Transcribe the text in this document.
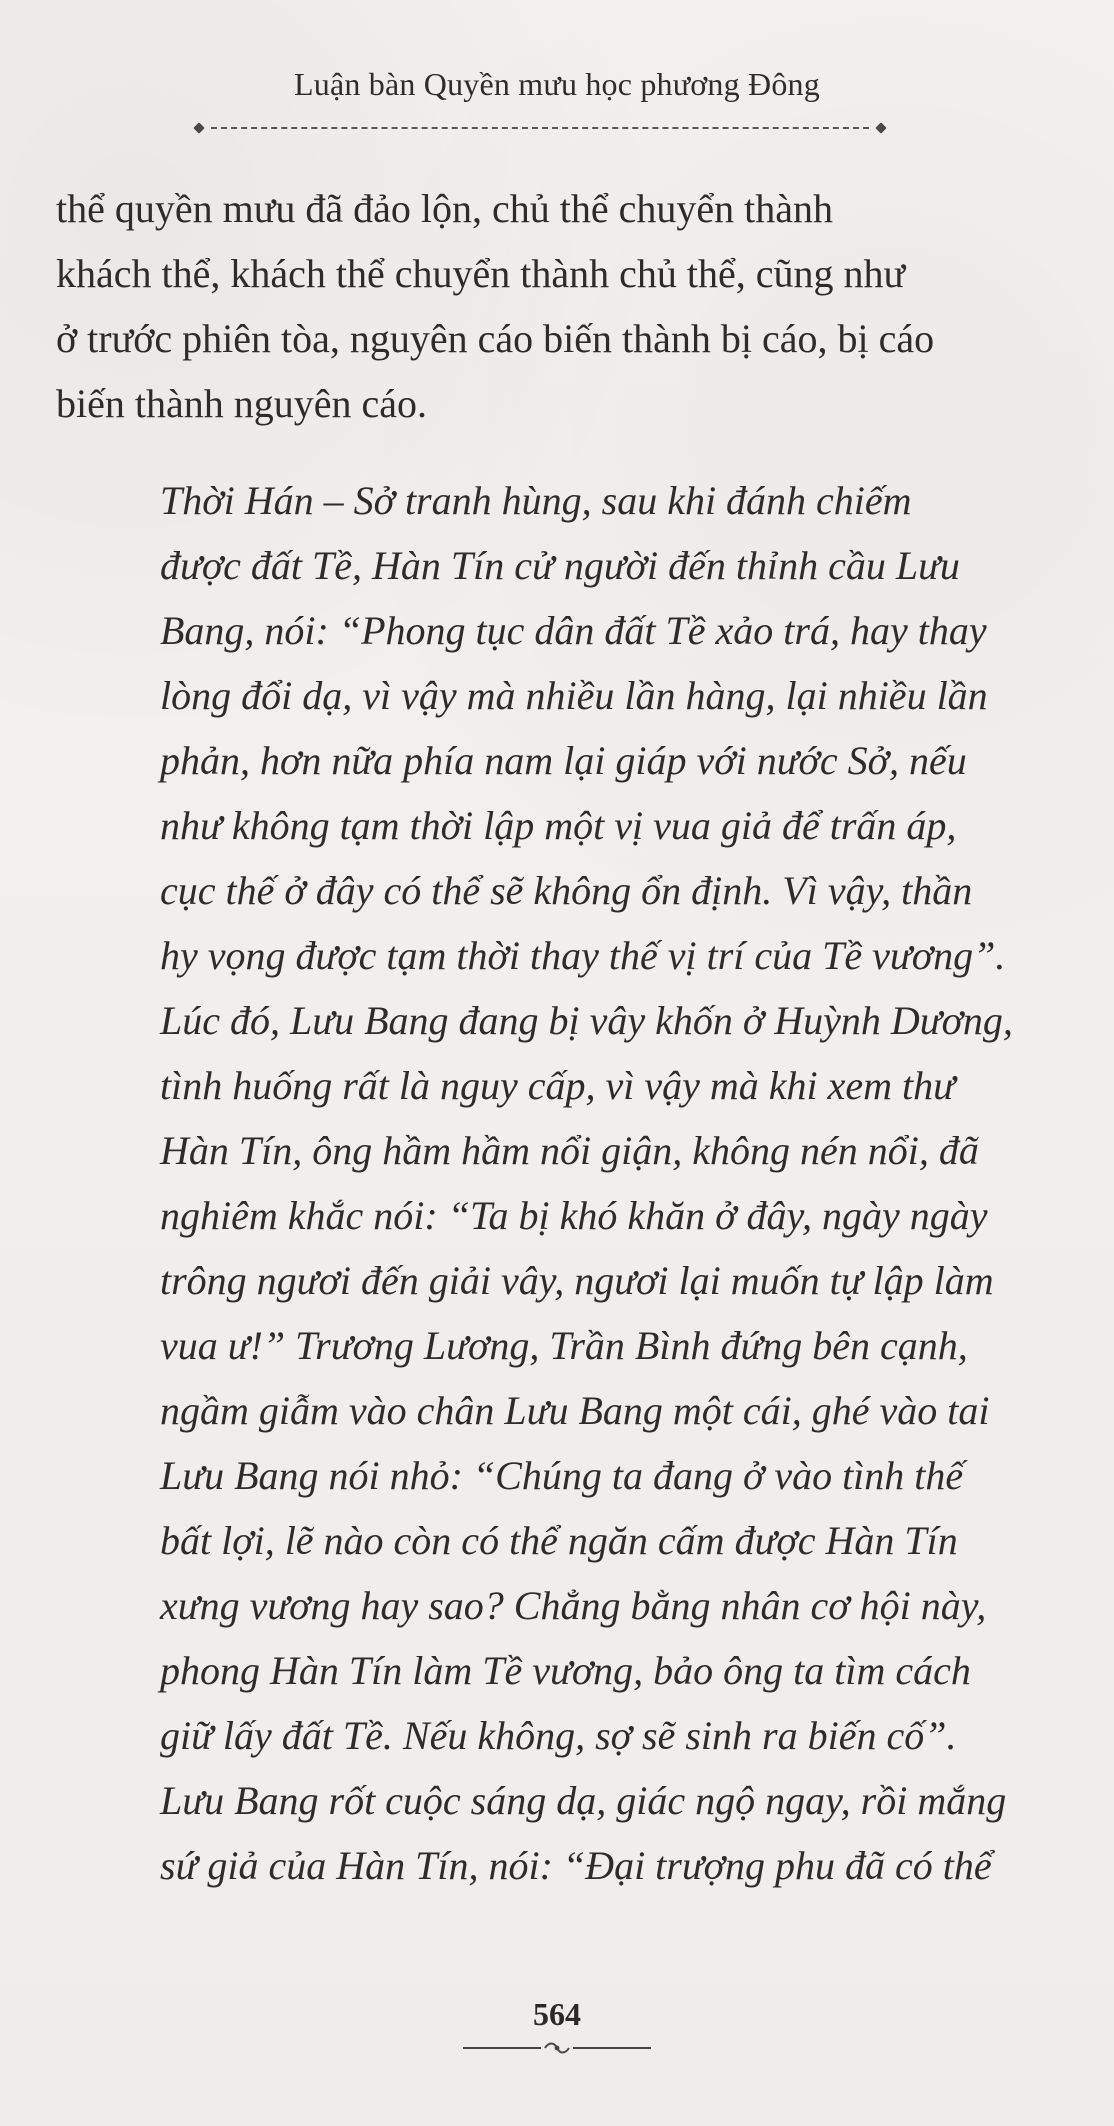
Luận bàn Quyền mưu học phương Đông
thể quyền mưu đã đảo lộn, chủ thể chuyển thành
khách thể, khách thể chuyển thành chủ thể, cũng như
ở trước phiên tòa, nguyên cáo biến thành bị cáo, bị cáo
biến thành nguyên cáo.
Thời Hán – Sở tranh hùng, sau khi đánh chiếm
được đất Tề, Hàn Tín cử người đến thỉnh cầu Lưu
Bang, nói: “Phong tục dân đất Tề xảo trá, hay thay
lòng đổi dạ, vì vậy mà nhiều lần hàng, lại nhiều lần
phản, hơn nữa phía nam lại giáp với nước Sở, nếu
như không tạm thời lập một vị vua giả để trấn áp,
cục thế ở đây có thể sẽ không ổn định. Vì vậy, thần
hy vọng được tạm thời thay thế vị trí của Tề vương”.
Lúc đó, Lưu Bang đang bị vây khốn ở Huỳnh Dương,
tình huống rất là nguy cấp, vì vậy mà khi xem thư
Hàn Tín, ông hầm hầm nổi giận, không nén nổi, đã
nghiêm khắc nói: “Ta bị khó khăn ở đây, ngày ngày
trông ngươi đến giải vây, ngươi lại muốn tự lập làm
vua ư!” Trương Lương, Trần Bình đứng bên cạnh,
ngầm giẫm vào chân Lưu Bang một cái, ghé vào tai
Lưu Bang nói nhỏ: “Chúng ta đang ở vào tình thế
bất lợi, lẽ nào còn có thể ngăn cấm được Hàn Tín
xưng vương hay sao? Chẳng bằng nhân cơ hội này,
phong Hàn Tín làm Tề vương, bảo ông ta tìm cách
giữ lấy đất Tề. Nếu không, sợ sẽ sinh ra biến cố”.
Lưu Bang rốt cuộc sáng dạ, giác ngộ ngay, rồi mắng
sứ giả của Hàn Tín, nói: “Đại trượng phu đã có thể
564
